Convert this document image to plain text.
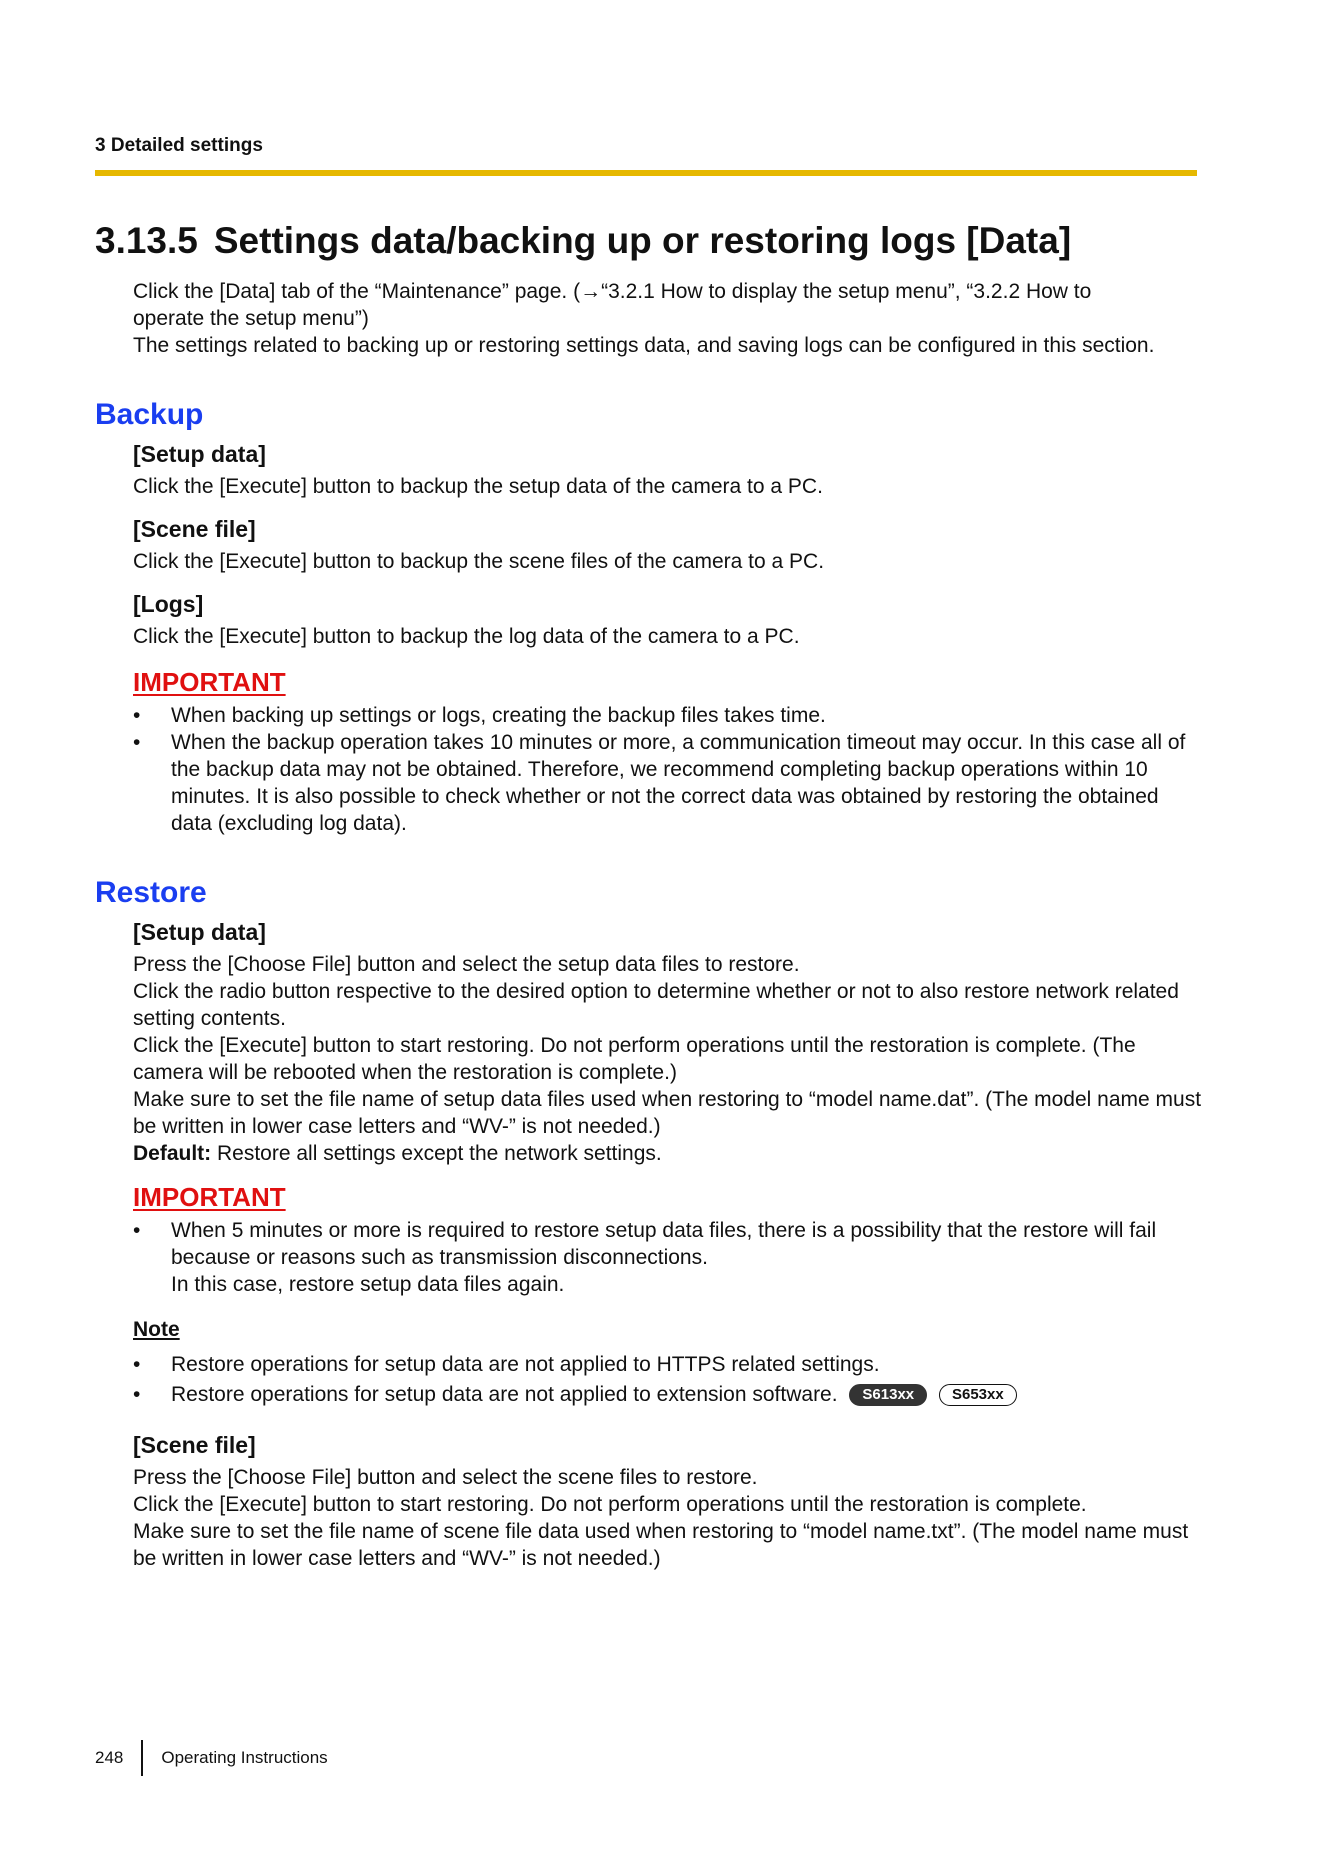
3 Detailed settings
3.13.5 Settings data/backing up or restoring logs [Data]

Click the [Data] tab of the “Maintenance” page. (→“3.2.1 How to display the setup menu”, “3.2.2 How to

operate the setup menu”)

The settings related to backing up or restoring settings data, and saving logs can be configured in this section.

Backup
[Setup data]

Click the [Execute] button to backup the setup data of the camera to a PC.

[Scene file]

Click the [Execute] button to backup the scene files of the camera to a PC.

[Logs]

Click the [Execute] button to backup the log data of the camera to a PC.

IMPORTANT
• When backing up settings or logs, creating the backup files takes time.
• When the backup operation takes 10 minutes or more, a communication timeout may occur. In this case all of the backup data may not be obtained. Therefore, we recommend completing backup operations within 10 minutes. It is also possible to check whether or not the correct data was obtained by restoring the obtained data (excluding log data).
Restore
[Setup data]

Press the [Choose File] button and select the setup data files to restore.

Click the radio button respective to the desired option to determine whether or not to also restore network related setting contents.

Click the [Execute] button to start restoring. Do not perform operations until the restoration is complete. (The camera will be rebooted when the restoration is complete.)

Make sure to set the file name of setup data files used when restoring to “model name.dat”. (The model name must be written in lower case letters and “WV-” is not needed.)

Default: Restore all settings except the network settings.

IMPORTANT
• When 5 minutes or more is required to restore setup data files, there is a possibility that the restore will fail because or reasons such as transmission disconnections.
In this case, restore setup data files again.
Note
• Restore operations for setup data are not applied to HTTPS related settings.
• Restore operations for setup data are not applied to extension software. S613xx	S653xx
[Scene file]

Press the [Choose File] button and select the scene files to restore.

Click the [Execute] button to start restoring. Do not perform operations until the restoration is complete.

Make sure to set the file name of scene file data used when restoring to “model name.txt”. (The model name must be written in lower case letters and “WV-” is not needed.)

248 Operating Instructions
